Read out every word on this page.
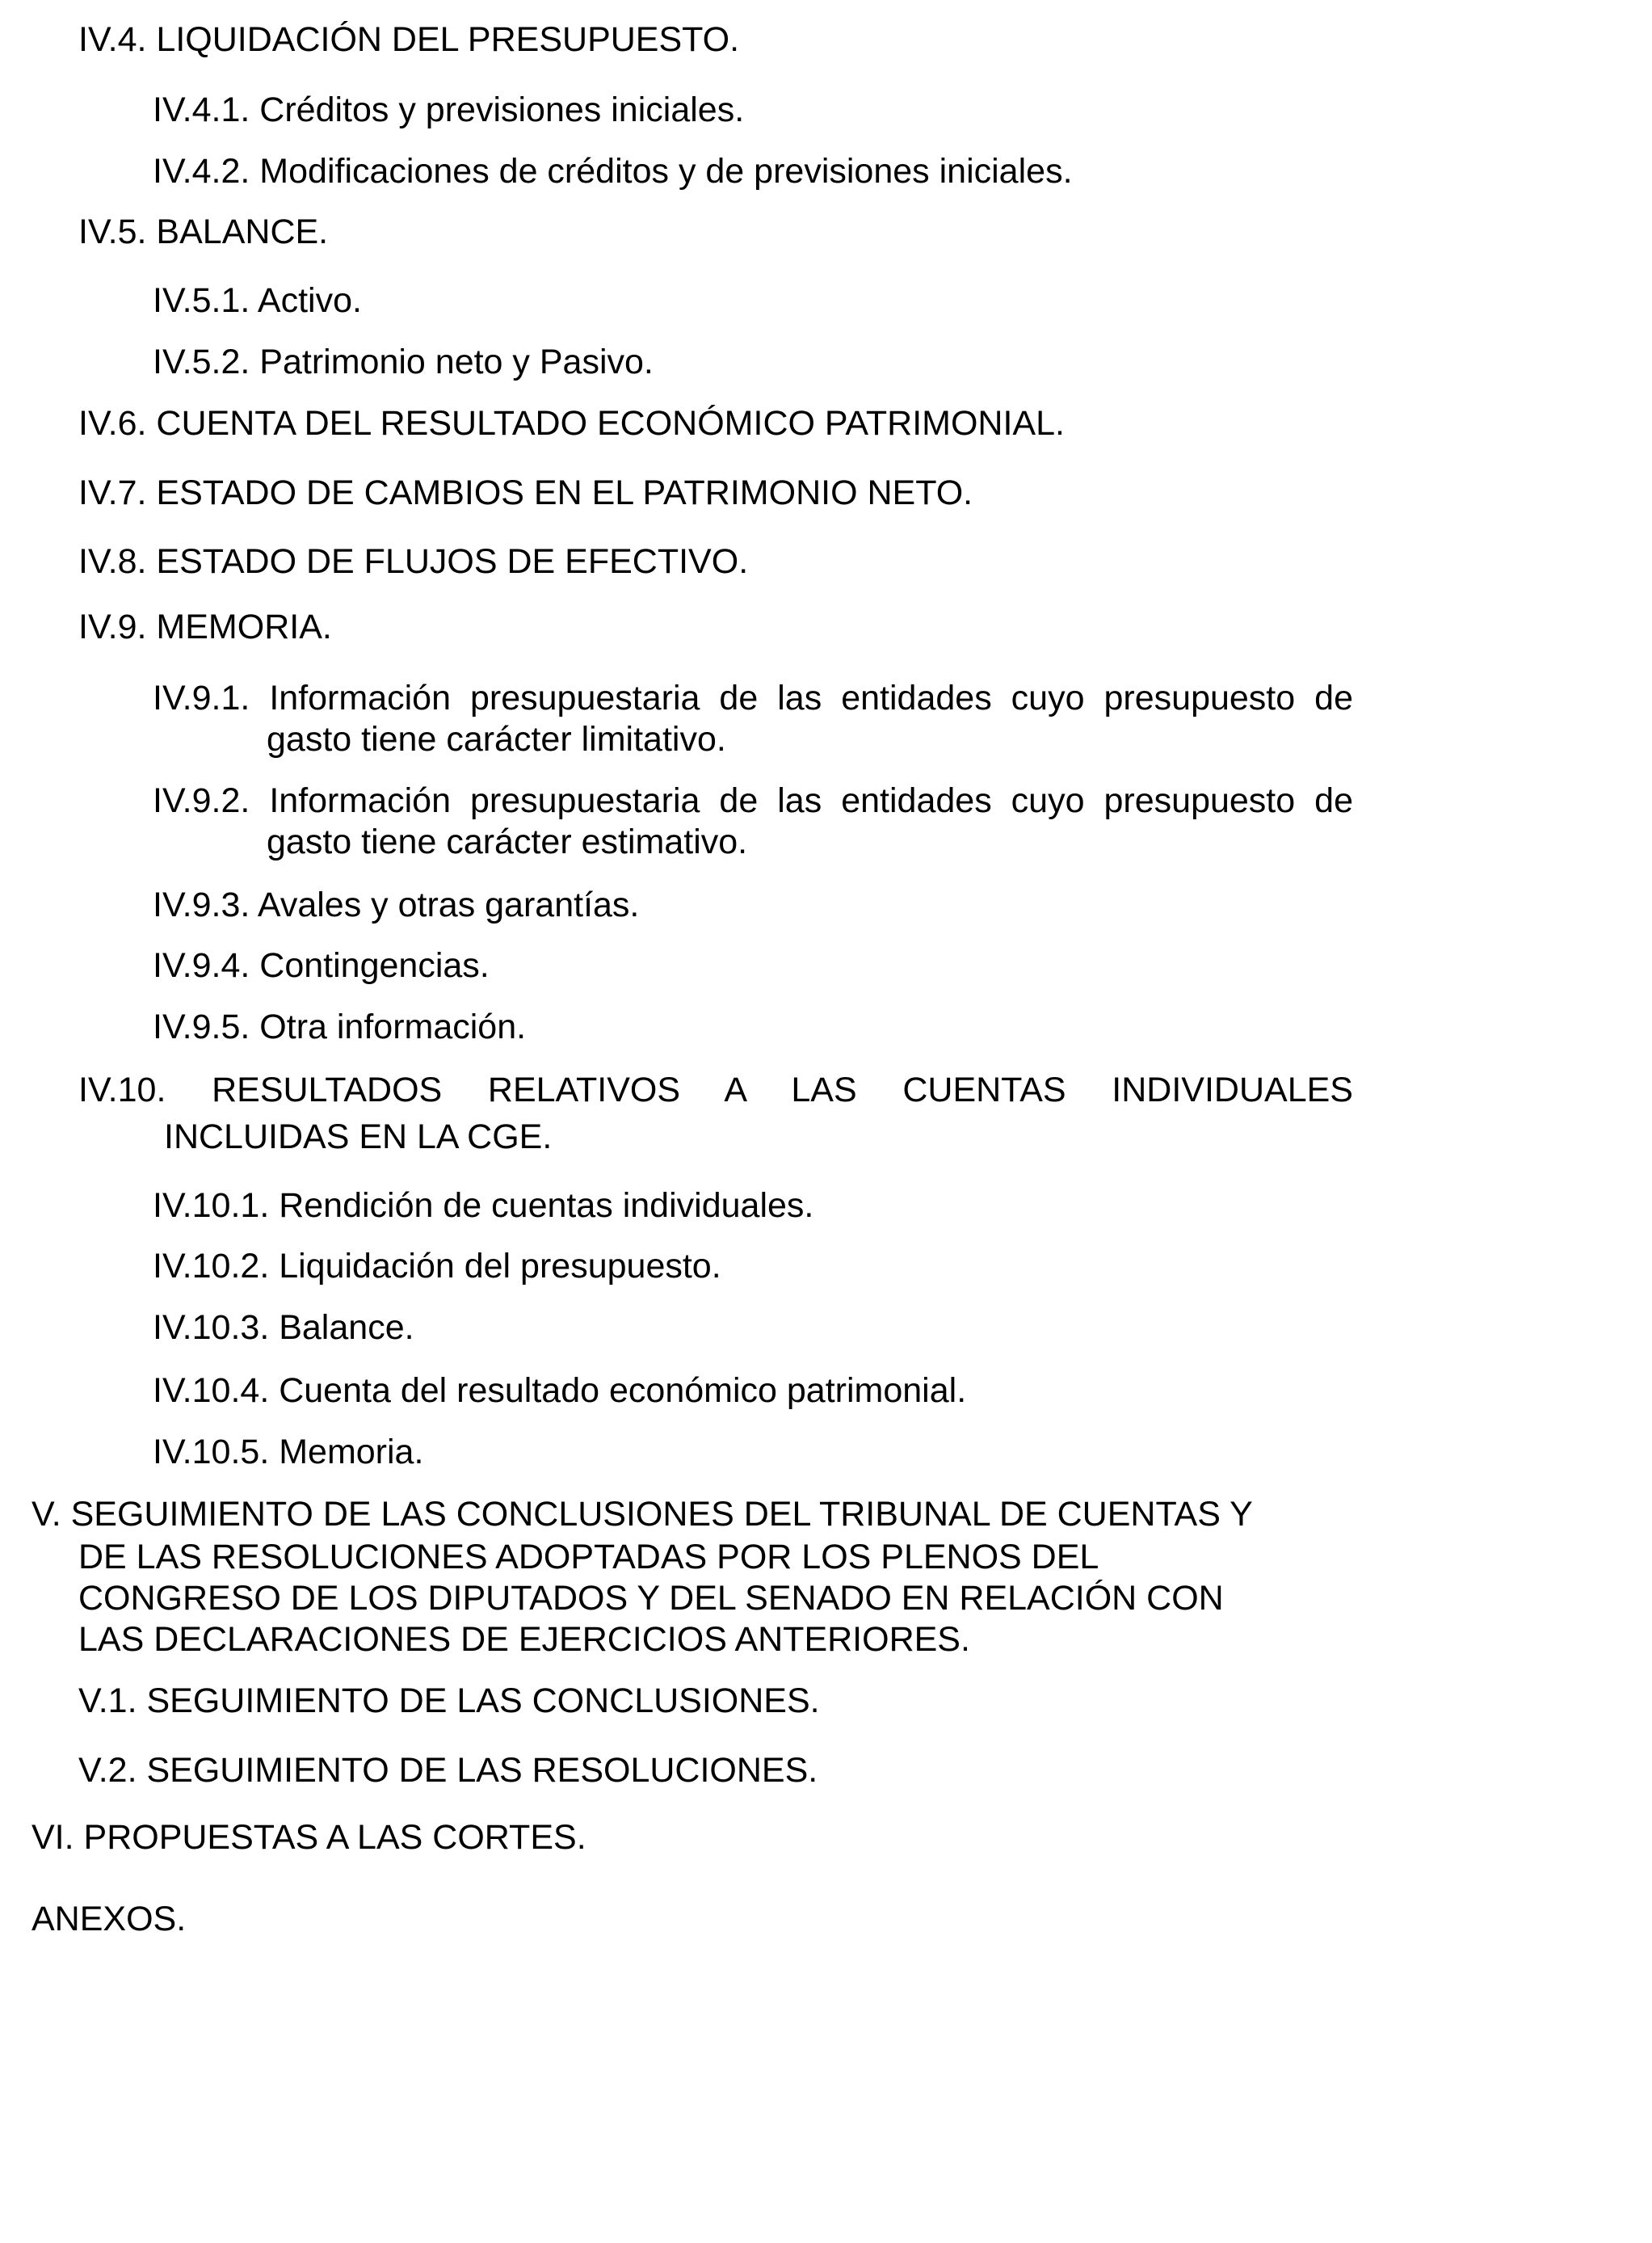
IV.4. LIQUIDACIÓN DEL PRESUPUESTO.
IV.4.1. Créditos y previsiones iniciales.
IV.4.2. Modificaciones de créditos y de previsiones iniciales.
IV.5. BALANCE.
IV.5.1. Activo.
IV.5.2. Patrimonio neto y Pasivo.
IV.6. CUENTA DEL RESULTADO ECONÓMICO PATRIMONIAL.
IV.7. ESTADO DE CAMBIOS EN EL PATRIMONIO NETO.
IV.8. ESTADO DE FLUJOS DE EFECTIVO.
IV.9. MEMORIA.
IV.9.1. Información presupuestaria de las entidades cuyo presupuesto de
gasto tiene carácter limitativo.
IV.9.2. Información presupuestaria de las entidades cuyo presupuesto de
gasto tiene carácter estimativo.
IV.9.3. Avales y otras garantías.
IV.9.4. Contingencias.
IV.9.5. Otra información.
IV.10. RESULTADOS RELATIVOS A LAS CUENTAS INDIVIDUALES
INCLUIDAS EN LA CGE.
IV.10.1. Rendición de cuentas individuales.
IV.10.2. Liquidación del presupuesto.
IV.10.3. Balance.
IV.10.4. Cuenta del resultado económico patrimonial.
IV.10.5. Memoria.
V. SEGUIMIENTO DE LAS CONCLUSIONES DEL TRIBUNAL DE CUENTAS Y
DE LAS RESOLUCIONES ADOPTADAS POR LOS PLENOS DEL
CONGRESO DE LOS DIPUTADOS Y DEL SENADO EN RELACIÓN CON
LAS DECLARACIONES DE EJERCICIOS ANTERIORES.
V.1. SEGUIMIENTO DE LAS CONCLUSIONES.
V.2. SEGUIMIENTO DE LAS RESOLUCIONES.
VI. PROPUESTAS A LAS CORTES.
ANEXOS.
